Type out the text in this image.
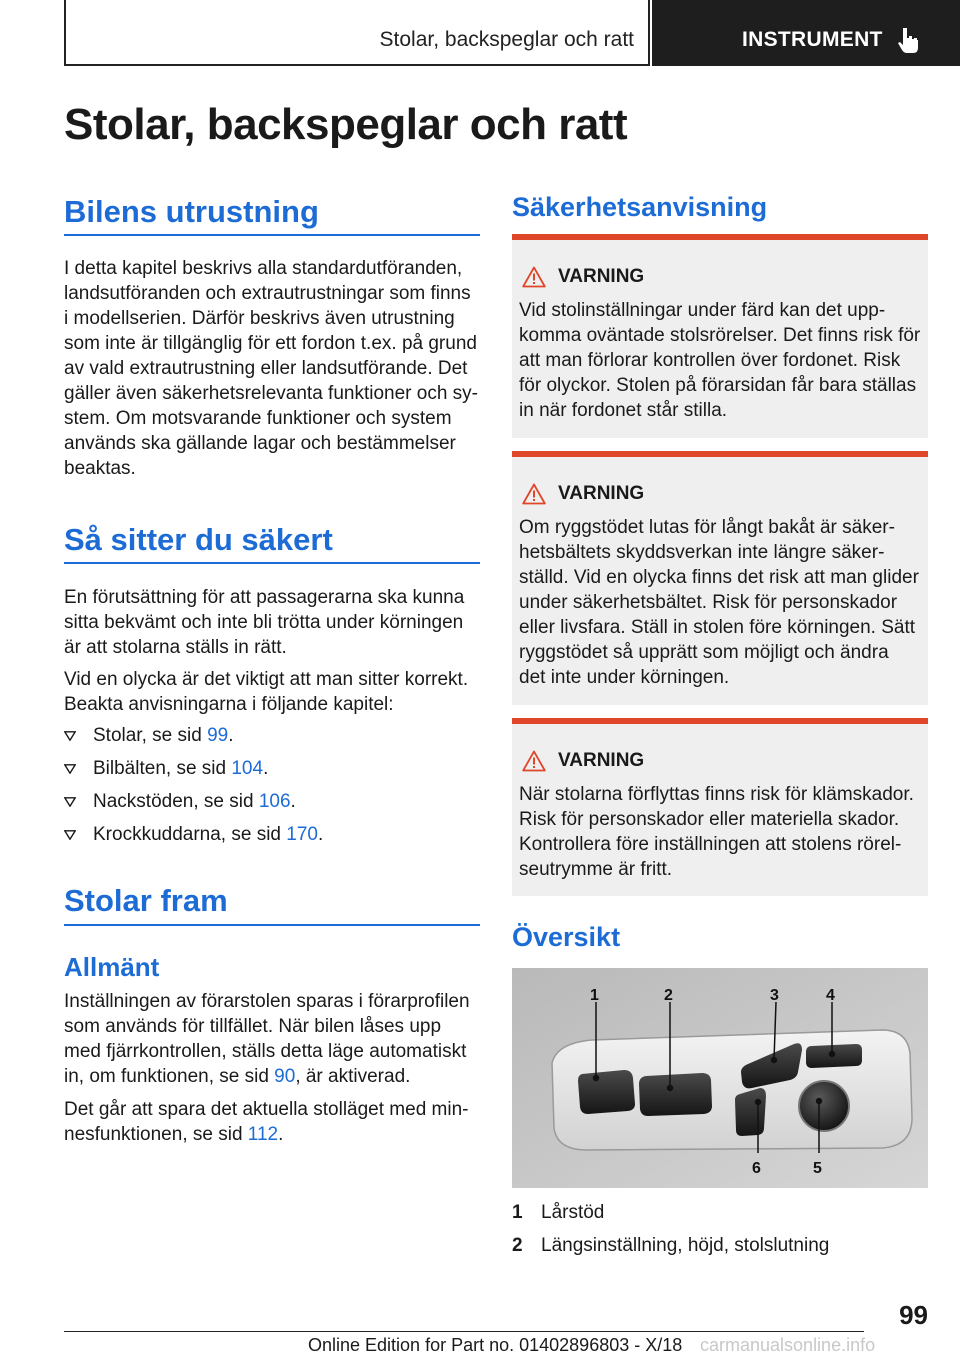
Stolar, backspeglar och ratt	INSTRUMENT
Stolar, backspeglar och ratt
Bilens utrustning
I detta kapitel beskrivs alla standardutföranden,
landsutföranden och extrautrustningar som finns
i modellserien. Därför beskrivs även utrustning
som inte är tillgänglig för ett fordon t.ex. på grund
av vald extrautrustning eller landsutförande. Det
gäller även säkerhetsrelevanta funktioner och sy-
stem. Om motsvarande funktioner och system
används ska gällande lagar och bestämmelser
beaktas.
Så sitter du säkert
En förutsättning för att passagerarna ska kunna
sitta bekvämt och inte bli trötta under körningen
är att stolarna ställs in rätt.
Vid en olycka är det viktigt att man sitter korrekt.
Beakta anvisningarna i följande kapitel:
Stolar, se sid 99.
Bilbälten, se sid 104.
Nackstöden, se sid 106.
Krockkuddarna, se sid 170.
Stolar fram
Allmänt
Inställningen av förarstolen sparas i förarprofilen
som används för tillfället. När bilen låses upp
med fjärrkontrollen, ställs detta läge automatiskt
in, om funktionen, se sid 90, är aktiverad.
Det går att spara det aktuella stolläget med min-
nesfunktionen, se sid 112.
Säkerhetsanvisning
VARNING
Vid stolinställningar under färd kan det upp-
komma oväntade stolsrörelser. Det finns risk för
att man förlorar kontrollen över fordonet. Risk
för olyckor. Stolen på förarsidan får bara ställas
in när fordonet står stilla.
VARNING
Om ryggstödet lutas för långt bakåt är säker-
hetsbältets skyddsverkan inte längre säker-
ställd. Vid en olycka finns det risk att man glider
under säkerhetsbältet. Risk för personskador
eller livsfara. Ställ in stolen före körningen. Sätt
ryggstödet så upprätt som möjligt och ändra
det inte under körningen.
VARNING
När stolarna förflyttas finns risk för klämskador.
Risk för personskador eller materiella skador.
Kontrollera före inställningen att stolens rörel-
seutrymme är fritt.
Översikt
1	2	3	4
6	5
1 Lårstöd
2 Längsinställning, höjd, stolslutning
99
Online Edition for Part no. 01402896803 - X/18 carmanualsonline.info
